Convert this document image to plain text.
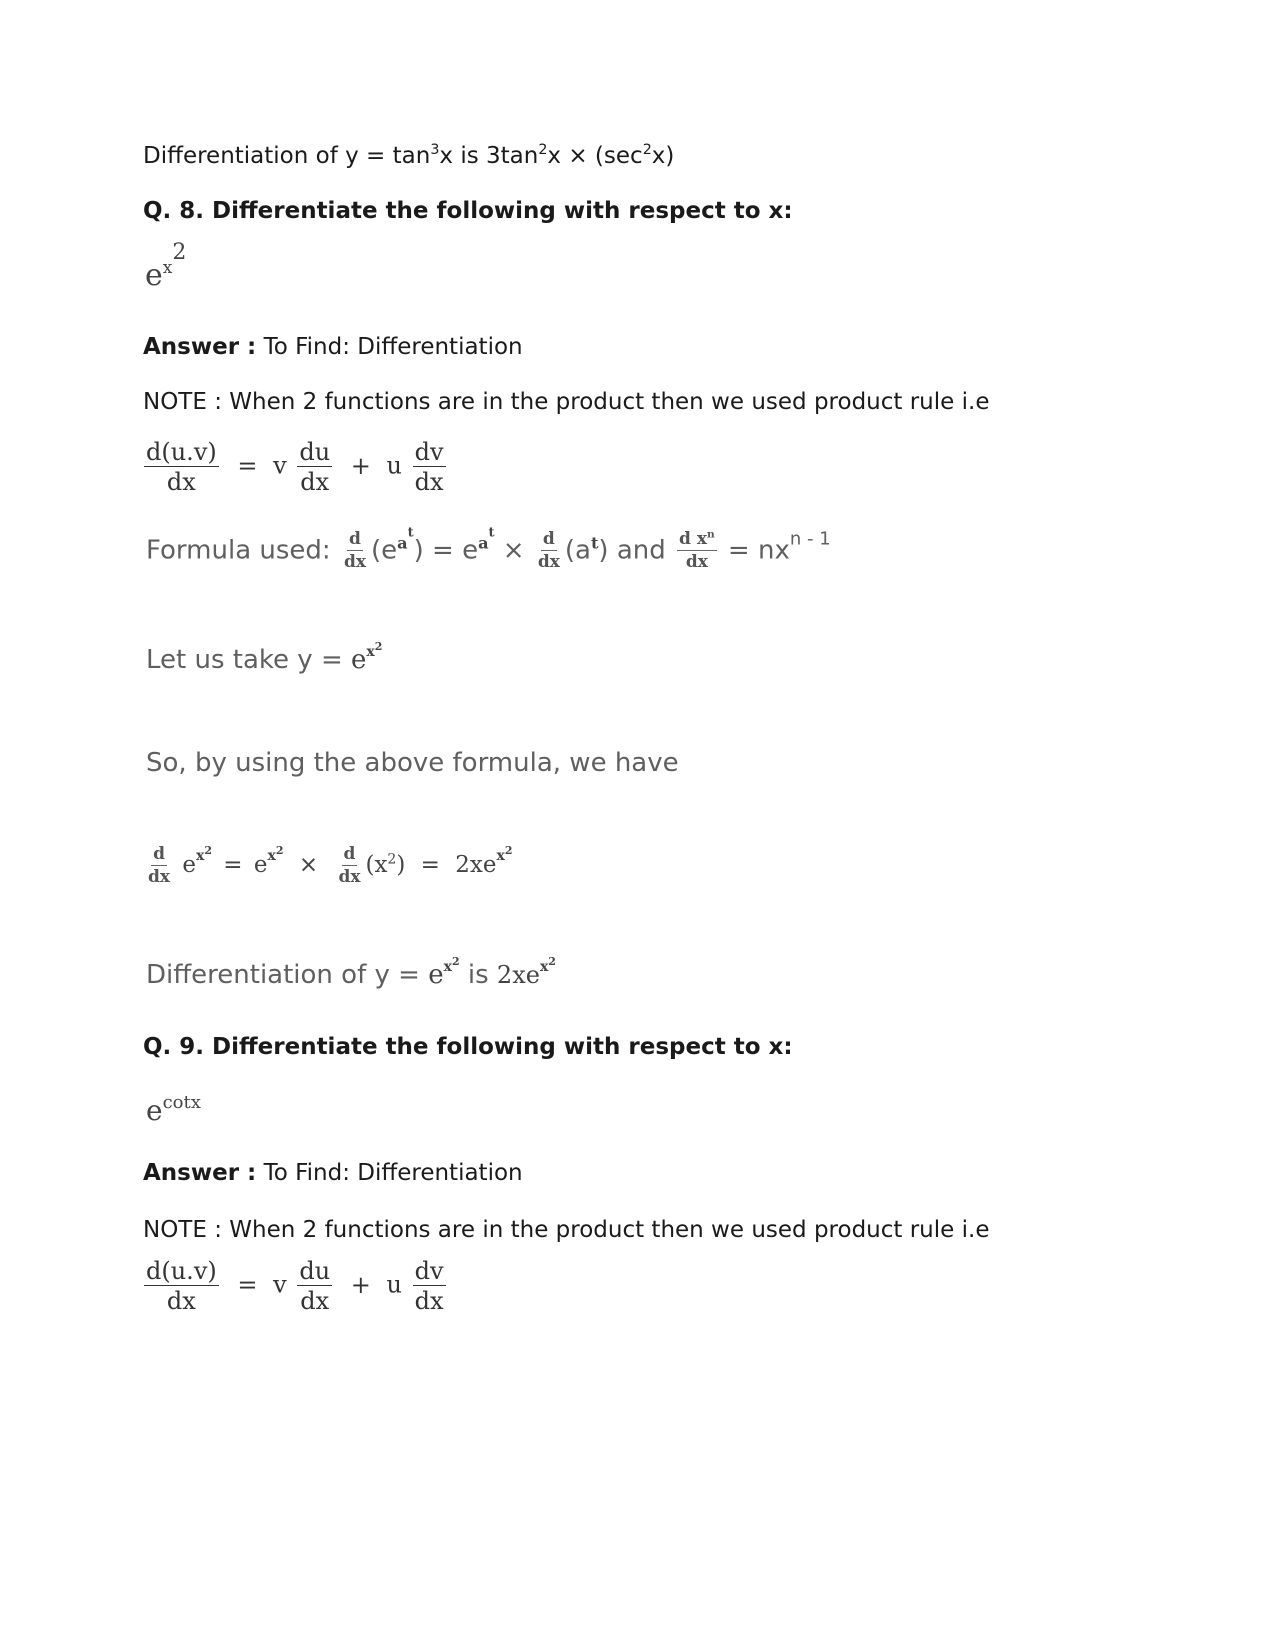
Differentiation of $y = \tan^3x$ is $3\tan^2x \times (\sec^2x)$
Q. 8. Differentiate the following with respect to x:
$e^{x2}$
Answer : To Find: Differentiation
NOTE : When 2 functions are in the product then we used product rule i.e
$\frac{d(u.v)}{dx} = v \frac{du}{dx} + u \frac{dv}{dx}$
Formula used: $\frac{d}{dx} (e^{at}) = e^{at} \times \frac{d}{dx} (a^t)$ and $\frac{d x^n}{dx} = nx^{n - 1}$
Let us take $y = e^{x2}$
So, by using the above formula, we have
$\frac{d}{dx} e^{x2} = e^{x2} \times \frac{d}{dx} (x^2) = 2xe^{x2}$
Differentiation of $y = e^{x2}$ is $2xe^{x2}$
Q. 9. Differentiate the following with respect to x:
$e^{cotx}$
Answer : To Find: Differentiation
NOTE : When 2 functions are in the product then we used product rule i.e
$\frac{d(u.v)}{dx} = v \frac{du}{dx} + u \frac{dv}{dx}$
